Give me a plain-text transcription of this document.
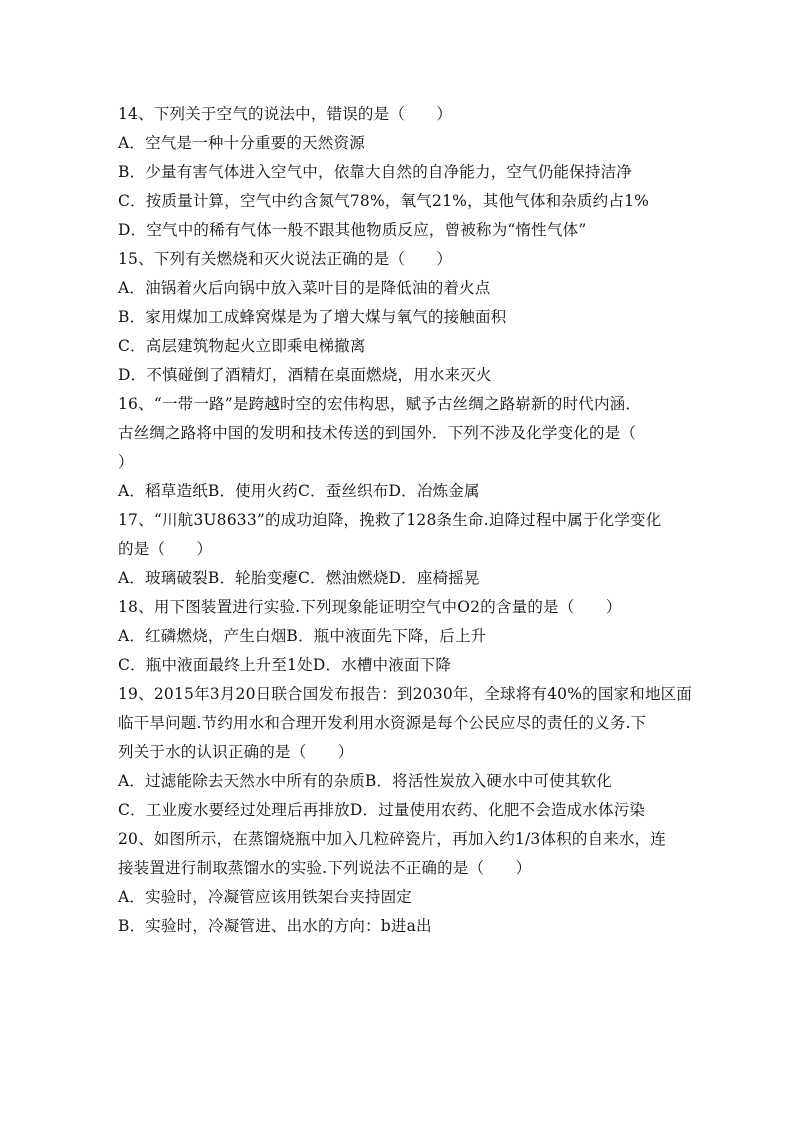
14、下列关于空气的说法中，错误的是（　　）
A．空气是一种十分重要的天然资源
B．少量有害气体进入空气中，依靠大自然的自净能力，空气仍能保持洁净
C．按质量计算，空气中约含氮气78%，氧气21%，其他气体和杂质约占1%
D．空气中的稀有气体一般不跟其他物质反应，曾被称为“惰性气体”
15、下列有关燃烧和灭火说法正确的是（　　）
A．油锅着火后向锅中放入菜叶目的是降低油的着火点
B．家用煤加工成蜂窝煤是为了增大煤与氧气的接触面积
C．高层建筑物起火立即乘电梯撤离
D．不慎碰倒了酒精灯，酒精在桌面燃烧，用水来灭火
16、“一带一路”是跨越时空的宏伟构思，赋予古丝绸之路崭新的时代内涵．
古丝绸之路将中国的发明和技术传送的到国外．下列不涉及化学变化的是（
）
A．稻草造纸B．使用火药C．蚕丝织布D．冶炼金属
17、“川航3U8633”的成功迫降，挽救了128条生命.迫降过程中属于化学变化
的是（　　）
A．玻璃破裂B．轮胎变瘪C．燃油燃烧D．座椅摇晃
18、用下图装置进行实验.下列现象能证明空气中O2的含量的是（　　）
A．红磷燃烧，产生白烟B．瓶中液面先下降，后上升
C．瓶中液面最终上升至1处D．水槽中液面下降
19、2015年3月20日联合国发布报告：到2030年，全球将有40%的国家和地区面
临干旱问题.节约用水和合理开发利用水资源是每个公民应尽的责任的义务.下
列关于水的认识正确的是（　　）
A．过滤能除去天然水中所有的杂质B．将活性炭放入硬水中可使其软化
C．工业废水要经过处理后再排放D．过量使用农药、化肥不会造成水体污染
20、如图所示，在蒸馏烧瓶中加入几粒碎瓷片，再加入约1/3体积的自来水，连
接装置进行制取蒸馏水的实验.下列说法不正确的是（　　）
A．实验时，冷凝管应该用铁架台夹持固定
B．实验时，冷凝管进、出水的方向：b进a出
